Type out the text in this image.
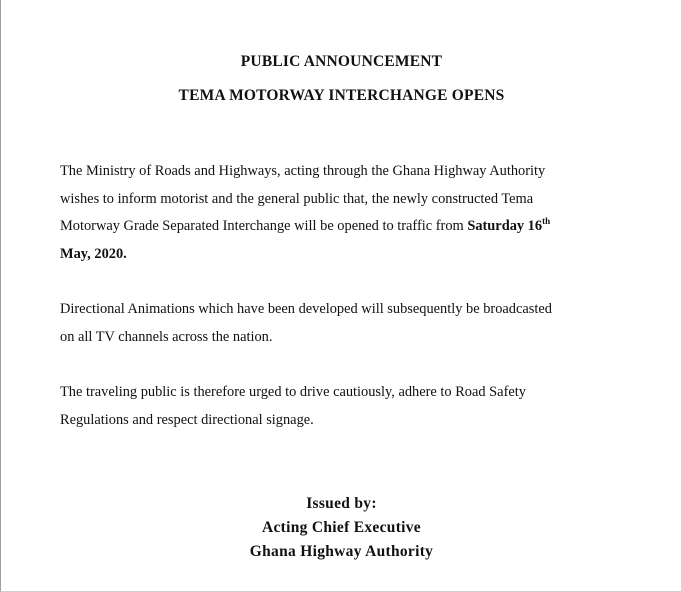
PUBLIC ANNOUNCEMENT
TEMA MOTORWAY INTERCHANGE OPENS
The Ministry of Roads and Highways, acting through the Ghana Highway Authority
wishes to inform motorist and the general public that, the newly constructed Tema
Motorway Grade Separated Interchange will be opened to traffic from Saturday 16th
May, 2020.
Directional Animations which have been developed will subsequently be broadcasted
on all TV channels across the nation.
The traveling public is therefore urged to drive cautiously, adhere to Road Safety
Regulations and respect directional signage.
Issued by:
Acting Chief Executive
Ghana Highway Authority
